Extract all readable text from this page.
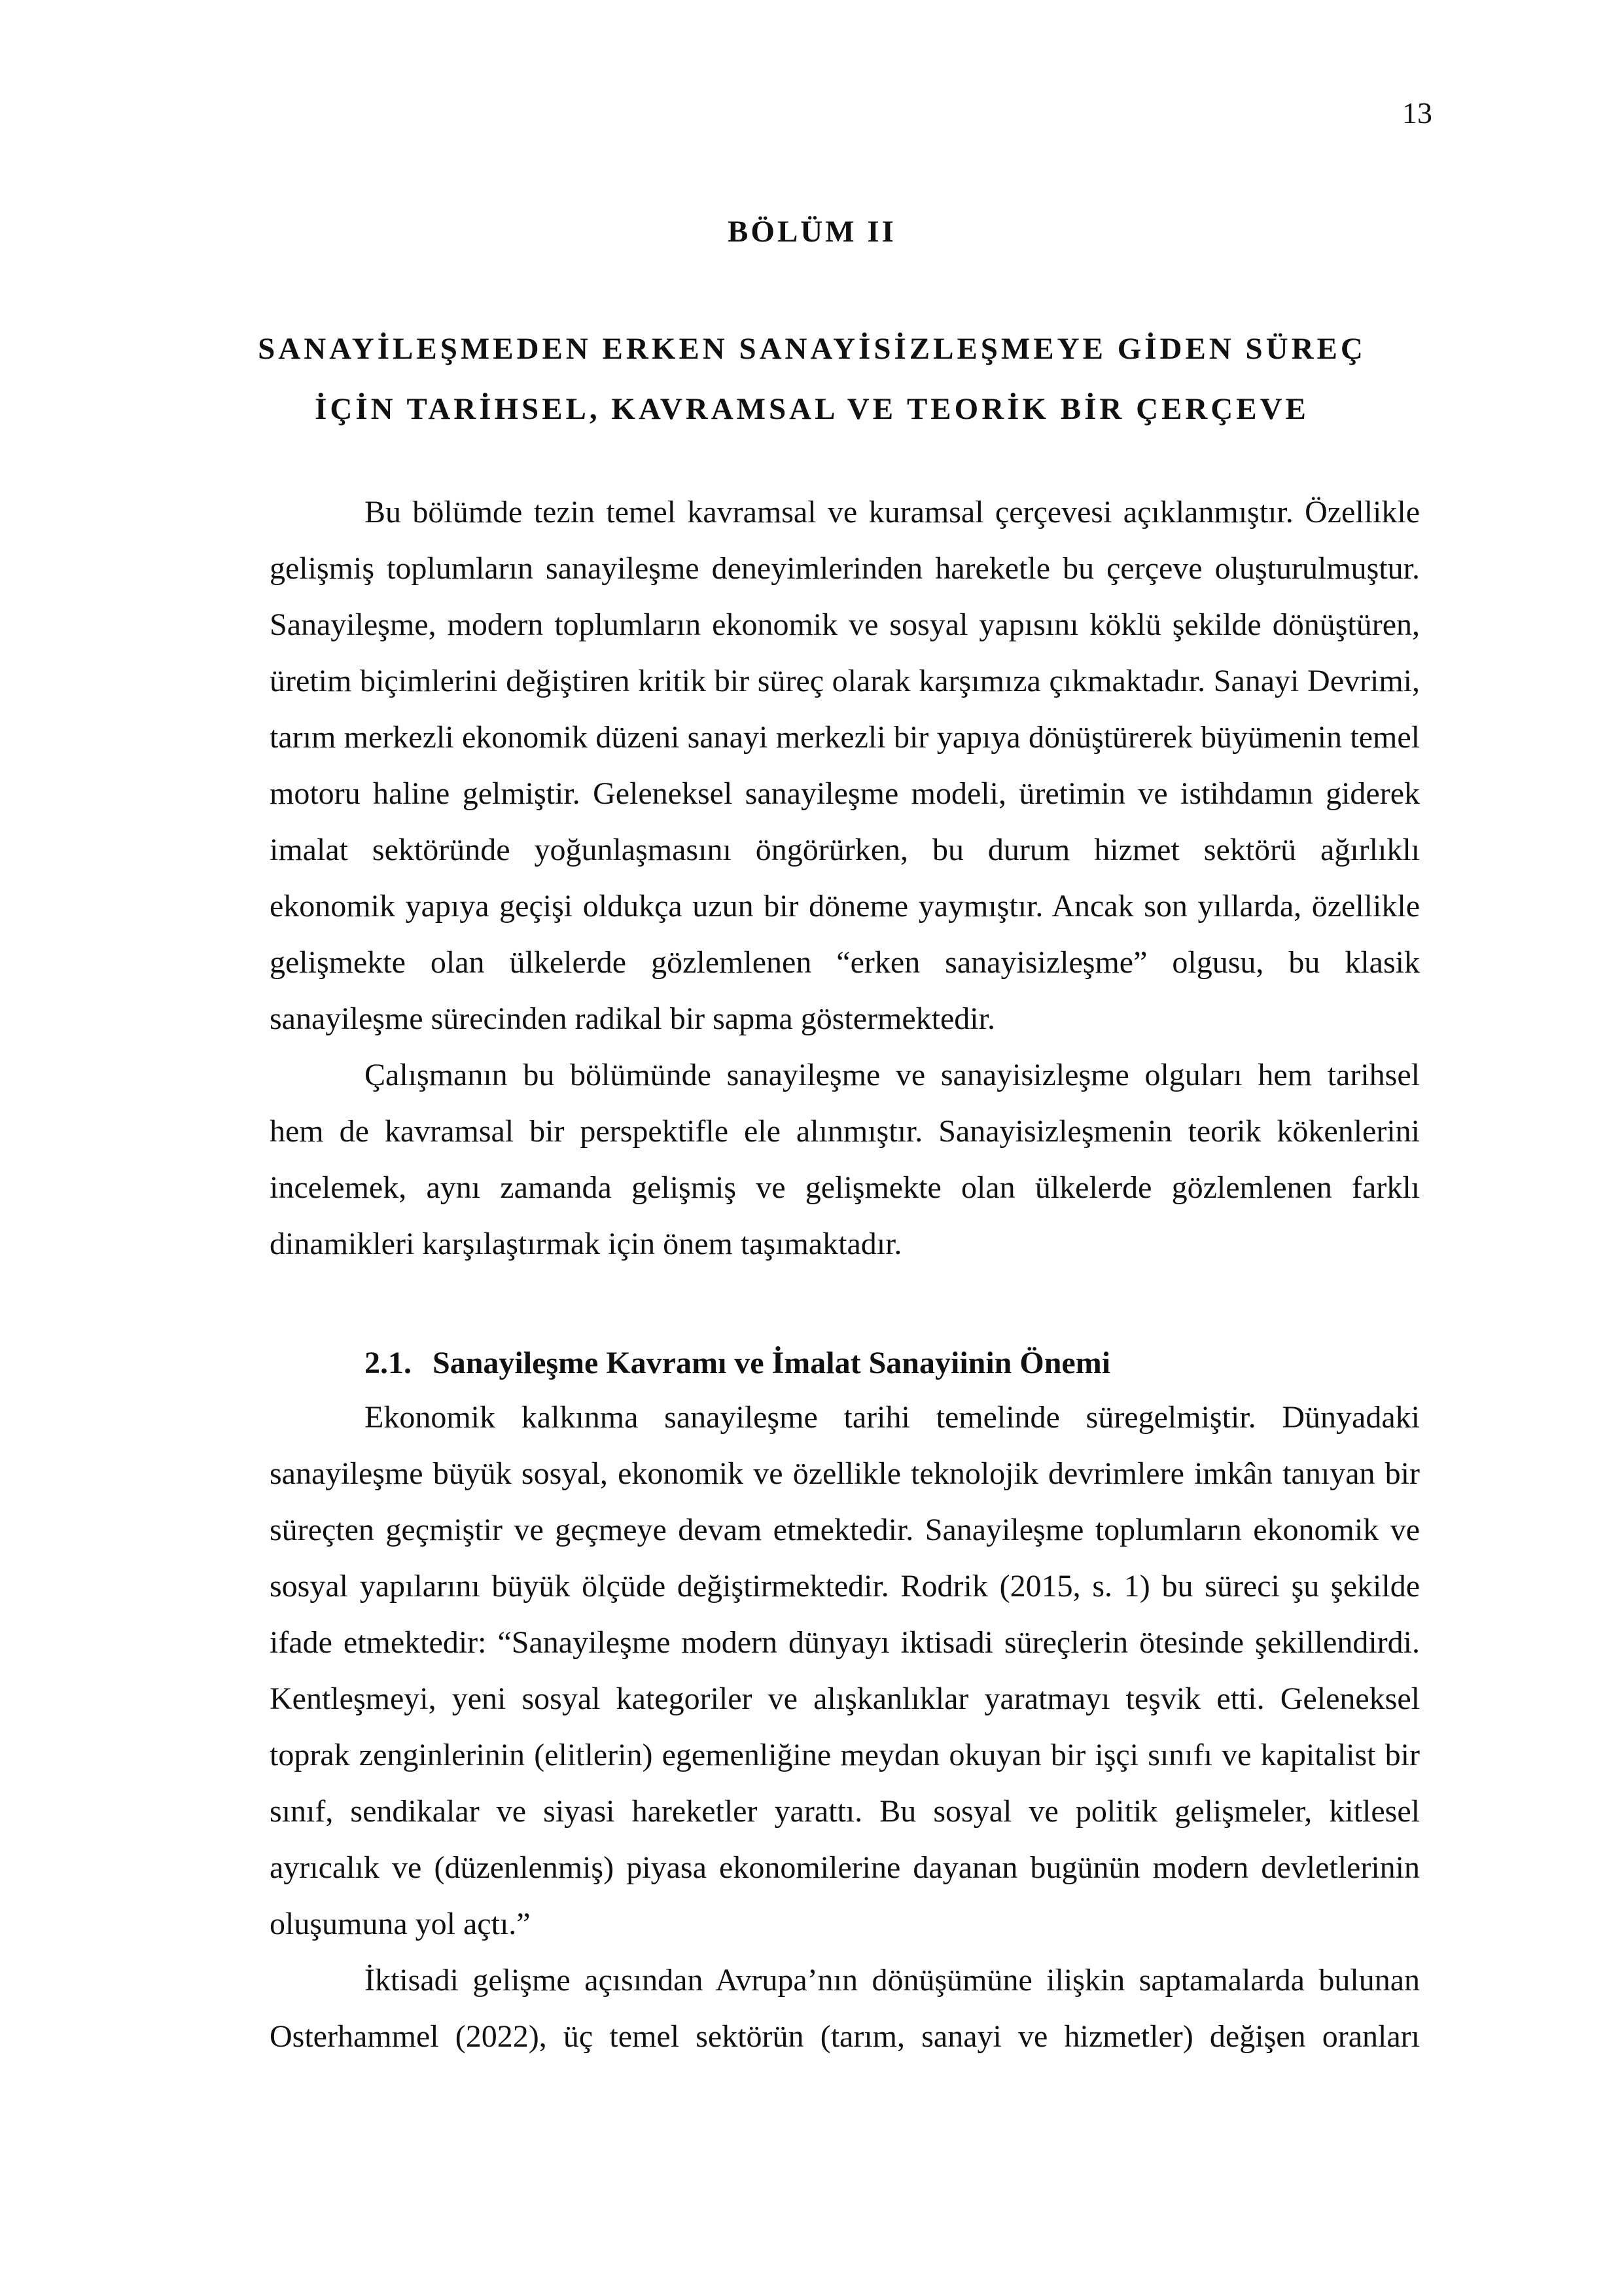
13
BÖLÜM II
SANAYİLEŞMEDEN ERKEN SANAYİSİZLEŞMEYE GİDEN SÜREÇ
İÇİN TARİHSEL, KAVRAMSAL VE TEORİK BİR ÇERÇEVE

Bu bölümde tezin temel kavramsal ve kuramsal çerçevesi açıklanmıştır. Özellikle gelişmiş toplumların sanayileşme deneyimlerinden hareketle bu çerçeve oluşturulmuştur. Sanayileşme, modern toplumların ekonomik ve sosyal yapısını köklü şekilde dönüştüren, üretim biçimlerini değiştiren kritik bir süreç olarak karşımıza çıkmaktadır. Sanayi Devrimi, tarım merkezli ekonomik düzeni sanayi merkezli bir yapıya dönüştürerek büyümenin temel motoru haline gelmiştir. Geleneksel sanayileşme modeli, üretimin ve istihdamın giderek imalat sektöründe yoğunlaşmasını öngörürken, bu durum hizmet sektörü ağırlıklı ekonomik yapıya geçişi oldukça uzun bir döneme yaymıştır. Ancak son yıllarda, özellikle gelişmekte olan ülkelerde gözlemlenen “erken sanayisizleşme” olgusu, bu klasik sanayileşme sürecinden radikal bir sapma göstermektedir.

Çalışmanın bu bölümünde sanayileşme ve sanayisizleşme olguları hem tarihsel hem de kavramsal bir perspektifle ele alınmıştır. Sanayisizleşmenin teorik kökenlerini incelemek, aynı zamanda gelişmiş ve gelişmekte olan ülkelerde gözlemlenen farklı dinamikleri karşılaştırmak için önem taşımaktadır.

2.1. Sanayileşme Kavramı ve İmalat Sanayiinin Önemi

Ekonomik kalkınma sanayileşme tarihi temelinde süregelmiştir. Dünyadaki sanayileşme büyük sosyal, ekonomik ve özellikle teknolojik devrimlere imkân tanıyan bir süreçten geçmiştir ve geçmeye devam etmektedir. Sanayileşme toplumların ekonomik ve sosyal yapılarını büyük ölçüde değiştirmektedir. Rodrik (2015, s. 1) bu süreci şu şekilde ifade etmektedir: “Sanayileşme modern dünyayı iktisadi süreçlerin ötesinde şekillendirdi. Kentleşmeyi, yeni sosyal kategoriler ve alışkanlıklar yaratmayı teşvik etti. Geleneksel toprak zenginlerinin (elitlerin) egemenliğine meydan okuyan bir işçi sınıfı ve kapitalist bir sınıf, sendikalar ve siyasi hareketler yarattı. Bu sosyal ve politik gelişmeler, kitlesel ayrıcalık ve (düzenlenmiş) piyasa ekonomilerine dayanan bugünün modern devletlerinin oluşumuna yol açtı.”

İktisadi gelişme açısından Avrupa’nın dönüşümüne ilişkin saptamalarda bulunan Osterhammel (2022), üç temel sektörün (tarım, sanayi ve hizmetler) değişen oranları
